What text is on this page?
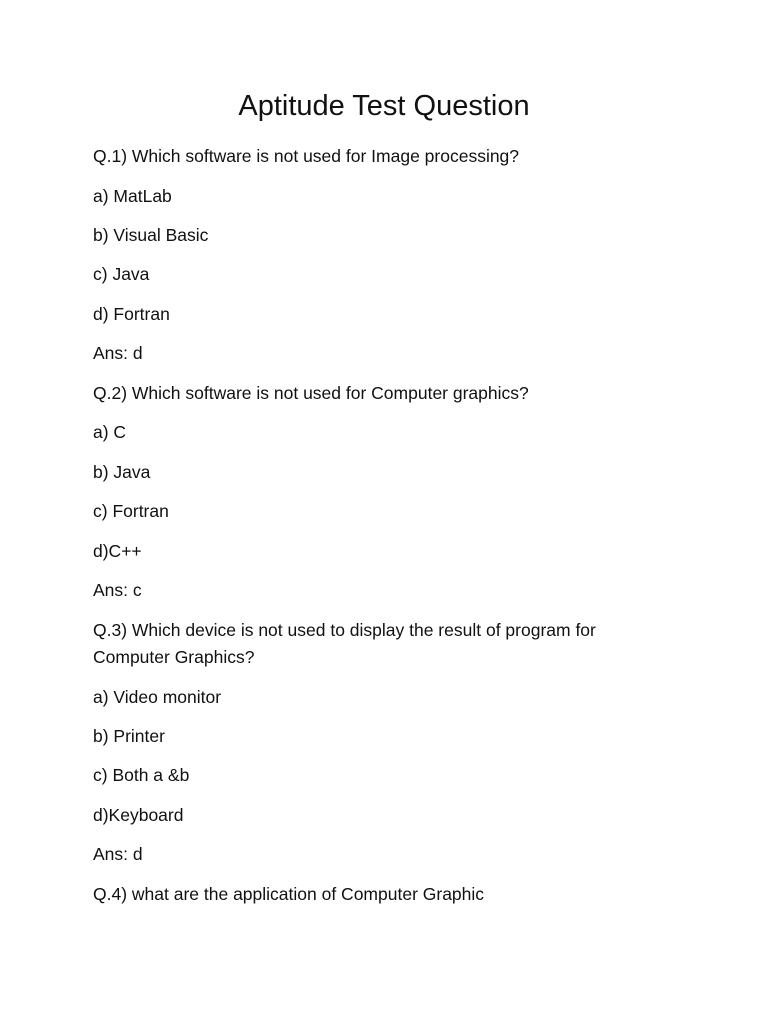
Aptitude Test Question

Q.1) Which software is not used for Image processing?

a) MatLab

b) Visual Basic

c) Java

d) Fortran

Ans: d

Q.2) Which software is not used for Computer graphics?

a) C

b) Java

c) Fortran

d)C++

Ans: c

Q.3) Which device is not used to display the result of program for

Computer Graphics?

a) Video monitor

b) Printer

c) Both a &b

d)Keyboard

Ans: d

Q.4) what are the application of Computer Graphic
